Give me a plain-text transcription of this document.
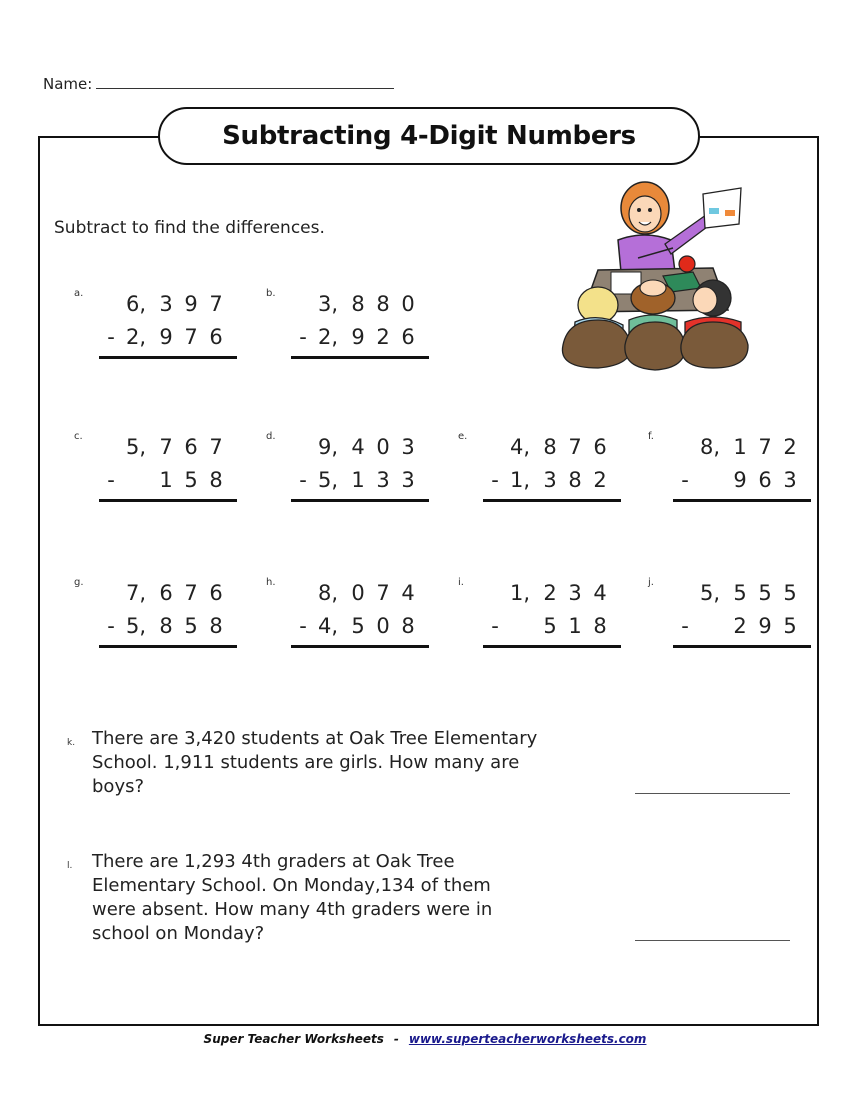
Name:
Subtracting 4-Digit Numbers
Subtract to find the differences.
a. 6, 3 9 7
- 2, 9 7 6
b. 3, 8 8 0
- 2, 9 2 6
c. 5, 7 6 7
- 1 5 8
d. 9, 4 0 3
- 5, 1 3 3
e. 4, 8 7 6
- 1, 3 8 2
f. 8, 1 7 2
- 9 6 3
g. 7, 6 7 6
- 5, 8 5 8
h. 8, 0 7 4
- 4, 5 0 8
i. 1, 2 3 4
- 5 1 8
j. 5, 5 5 5
- 2 9 5
k. There are 3,420 students at Oak Tree Elementary
School. 1,911 students are girls. How many are
boys?
l. There are 1,293 4th graders at Oak Tree
Elementary School. On Monday,134 of them
were absent. How many 4th graders were in
school on Monday?
Super Teacher Worksheets - www.superteacherworksheets.com
